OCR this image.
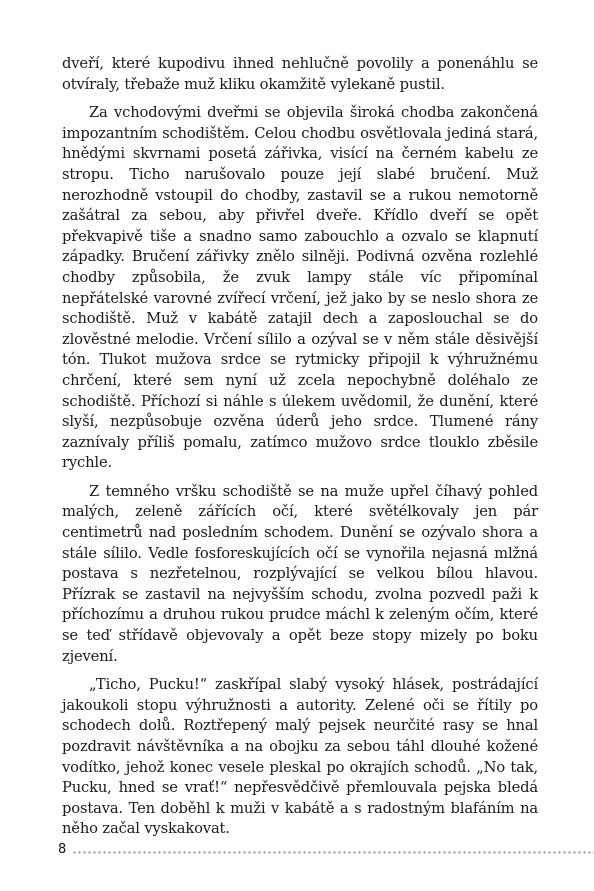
dveří, které kupodivu ihned nehlučně povolily a ponenáhlu se otvíraly, třebaže muž kliku okamžitě vylekaně pustil.

Za vchodovými dveřmi se objevila široká chodba zakončená impozantním schodištěm. Celou chodbu osvětlovala jediná stará, hnědými skvrnami posetá zářivka, visící na černém kabelu ze stropu. Ticho narušovalo pouze její slabé bručení. Muž nerozhodně vstoupil do chodby, zastavil se a rukou nemotorně zašátral za sebou, aby přivřel dveře. Křídlo dveří se opět překvapivě tiše a snadno samo zabouchlo a ozvalo se klapnutí západky. Bručení zářivky znělo silněji. Podivná ozvěna rozlehlé chodby způsobila, že zvuk lampy stále víc připomínal nepřátelské varovné zvířecí vrčení, jež jako by se neslo shora ze schodiště. Muž v kabátě zatajil dech a zaposlouchal se do zlověstné melodie. Vrčení sílilo a ozýval se v něm stále děsivější tón. Tlukot mužova srdce se rytmicky připojil k výhružnému chrčení, které sem nyní už zcela nepochybně doléhalo ze schodiště. Příchozí si náhle s úlekem uvědomil, že dunění, které slyší, nezpůsobuje ozvěna úderů jeho srdce. Tlumené rány zaznívaly příliš pomalu, zatímco mužovo srdce tlouklo zběsile rychle.

Z temného vršku schodiště se na muže upřel číhavý pohled malých, zeleně zářících očí, které světélkovaly jen pár centimetrů nad posledním schodem. Dunění se ozývalo shora a stále sílilo. Vedle fosforeskujících očí se vynořila nejasná mlžná postava s nezřetelnou, rozplývající se velkou bílou hlavou. Přízrak se zastavil na nejvyšším schodu, zvolna pozvedl paži k příchozímu a druhou rukou prudce máchl k zeleným očím, které se teď střídavě objevovaly a opět beze stopy mizely po boku zjevení.

„Ticho, Pucku!“ zaskřípal slabý vysoký hlásek, postrádající jakoukoli stopu výhružnosti a autority. Zelené oči se řítily po schodech dolů. Roztřepený malý pejsek neurčité rasy se hnal pozdravit návštěvníka a na obojku za sebou táhl dlouhé kožené vodítko, jehož konec vesele pleskal po okrajích schodů. „No tak, Pucku, hned se vrať!“ nepřesvědčivě přemlouvala pejska bledá postava. Ten doběhl k muži v kabátě a s radostným blafáním na něho začal vyskakovat.

8
